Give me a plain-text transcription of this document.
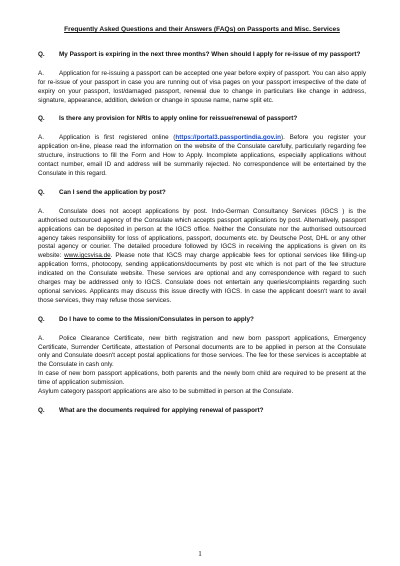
Frequently Asked Questions and their Answers (FAQs) on Passports and Misc. Services
Q.	My Passport is expiring in the next three months? When should I apply for re-issue of my passport?
A. Application for re-issuing a passport can be accepted one year before expiry of passport. You can also apply for re-issue of your passport in case you are running out of visa pages on your passport irrespective of the date of expiry on your passport, lost/damaged passport, renewal due to change in particulars like change in address, signature, appearance, addition, deletion or change in spouse name, name split etc.
Q.	Is there any provision for NRIs to apply online for reissue/renewal of passport?
A. Application is first registered online (https://portal3.passportindia.gov.in). Before you register your application on-line, please read the information on the website of the Consulate carefully, particularly regarding fee structure, instructions to fill the Form and How to Apply. Incomplete applications, especially applications without contact number, email ID and address will be summarily rejected. No correspondence will be entertained by the Consulate in this regard.
Q.	Can I send the application by post?
A. Consulate does not accept applications by post. Indo-German Consultancy Services (IGCS ) is the authorised outsourced agency of the Consulate which accepts passport applications by post. Alternatively, passport applications can be deposited in person at the IGCS office. Neither the Consulate nor the authorised outsourced agency takes responsibility for loss of applications, passport, documents etc. by Deutsche Post, DHL or any other postal agency or courier. The detailed procedure followed by IGCS in receiving the applications is given on its website: www.igcsvisa.de. Please note that IGCS may charge applicable fees for optional services like filling-up application forms, photocopy, sending applications/documents by post etc which is not part of the fee structure indicated on the Consulate website. These services are optional and any correspondence with regard to such charges may be addressed only to IGCS. Consulate does not entertain any queries/complaints regarding such optional services. Applicants may discuss this issue directly with IGCS. In case the applicant doesn't want to avail those services, they may refuse those services.
Q.	Do I have to come to the Mission/Consulates in person to apply?

A. Police Clearance Certificate, new birth registration and new born passport applications, Emergency Certificate, Surrender Certificate, attestation of Personal documents are to be applied in person at the Consulate only and Consulate doesn't accept postal applications for those services. The fee for these services is acceptable at the Consulate in cash only.

In case of new born passport applications, both parents and the newly born child are required to be present at the time of application submission.

Asylum category passport applications are also to be submitted in person at the Consulate.

Q.	What are the documents required for applying renewal of passport?
1
